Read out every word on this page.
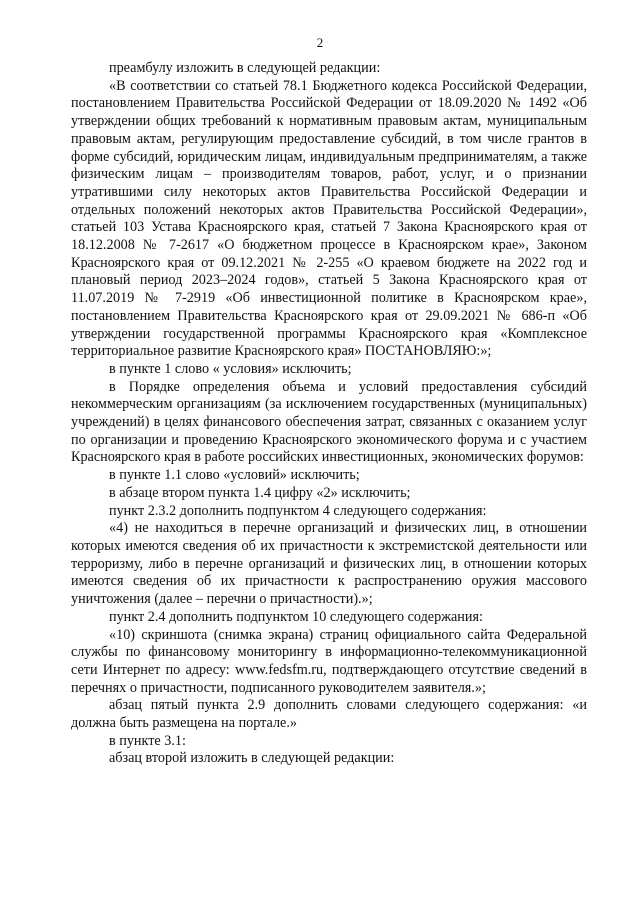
2

преамбулу изложить в следующей редакции:

«В соответствии со статьей 78.1 Бюджетного кодекса Российской Федерации, постановлением Правительства Российской Федерации от 18.09.2020 № 1492 «Об утверждении общих требований к нормативным правовым актам, муниципальным правовым актам, регулирующим предоставление субсидий, в том числе грантов в форме субсидий, юридическим лицам, индивидуальным предпринимателям, а также физическим лицам – производителям товаров, работ, услуг, и о признании утратившими силу некоторых актов Правительства Российской Федерации и отдельных положений некоторых актов Правительства Российской Федерации», статьей 103 Устава Красноярского края, статьей 7 Закона Красноярского края от 18.12.2008 № 7-2617 «О бюджетном процессе в Красноярском крае», Законом Красноярского края от 09.12.2021 № 2-255 «О краевом бюджете на 2022 год и плановый период 2023–2024 годов», статьей 5 Закона Красноярского края от 11.07.2019 № 7-2919 «Об инвестиционной политике в Красноярском крае», постановлением Правительства Красноярского края от 29.09.2021 № 686-п «Об утверждении государственной программы Красноярского края «Комплексное территориальное развитие Красноярского края» ПОСТАНОВЛЯЮ:»;

в пункте 1 слово « условия» исключить;

в Порядке определения объема и условий предоставления субсидий некоммерческим организациям (за исключением государственных (муниципальных) учреждений) в целях финансового обеспечения затрат, связанных с оказанием услуг по организации и проведению Красноярского экономического форума и с участием Красноярского края в работе российских инвестиционных, экономических форумов:

в пункте 1.1 слово «условий» исключить;

в абзаце втором пункта 1.4 цифру «2» исключить;

пункт 2.3.2 дополнить подпунктом 4 следующего содержания:

«4) не находиться в перечне организаций и физических лиц, в отношении которых имеются сведения об их причастности к экстремистской деятельности или терроризму, либо в перечне организаций и физических лиц, в отношении которых имеются сведения об их причастности к распространению оружия массового уничтожения (далее – перечни о причастности).»;

пункт 2.4 дополнить подпунктом 10 следующего содержания:

«10) скриншота (снимка экрана) страниц официального сайта Федеральной службы по финансовому мониторингу в информационно-телекоммуникационной сети Интернет по адресу: www.fedsfm.ru, подтверждающего отсутствие сведений в перечнях о причастности, подписанного руководителем заявителя.»;

абзац пятый пункта 2.9 дополнить словами следующего содержания: «и должна быть размещена на портале.»

в пункте 3.1:

абзац второй изложить в следующей редакции:
